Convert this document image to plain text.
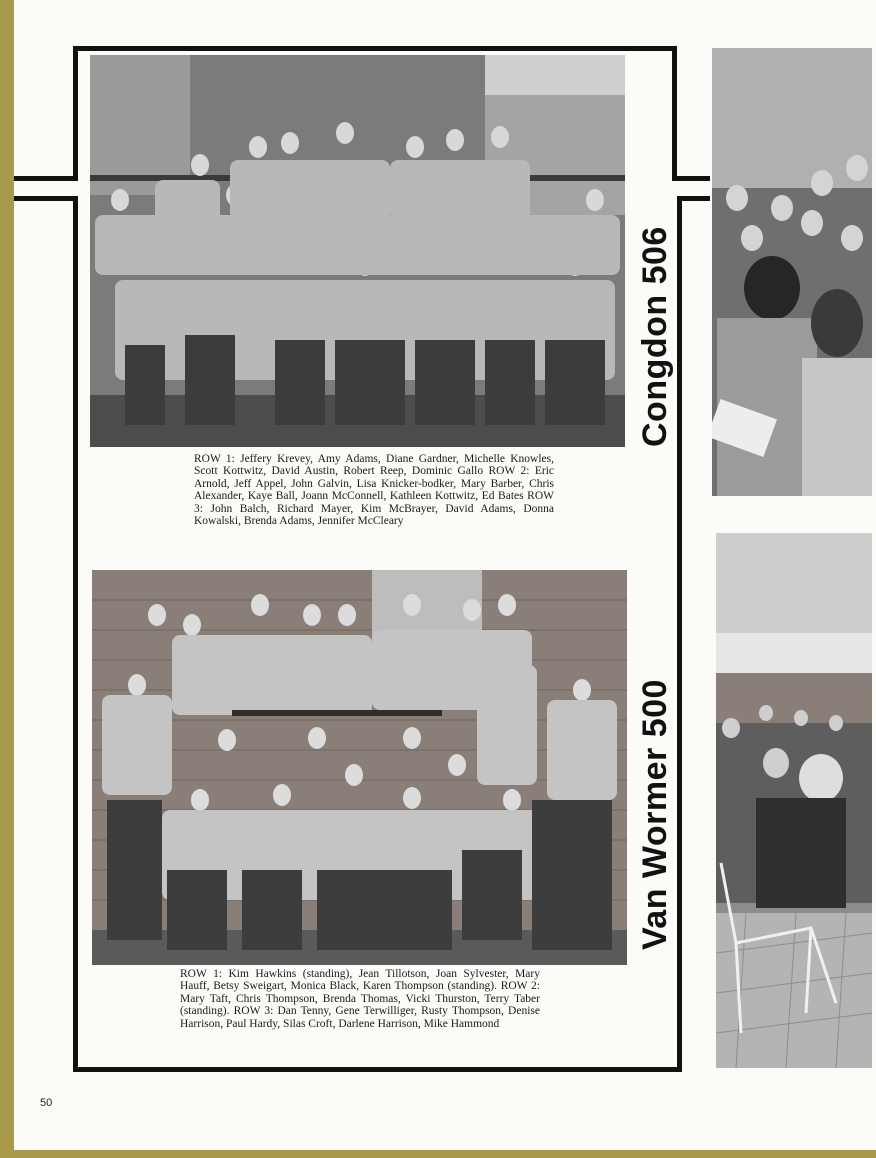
Congdon 506
ROW 1: Jeffery Krevey, Amy Adams, Diane Gardner, Michelle Knowles, Scott Kottwitz, David Austin, Robert Reep, Dominic Gallo ROW 2: Eric Arnold, Jeff Appel, John Galvin, Lisa Knicker-bodker, Mary Barber, Chris Alexander, Kaye Ball, Joann McConnell, Kathleen Kottwitz, Ed Bates ROW 3: John Balch, Richard Mayer, Kim McBrayer, David Adams, Donna Kowalski, Brenda Adams, Jennifer McCleary
Van Wormer 500
ROW 1: Kim Hawkins (standing), Jean Tillotson, Joan Sylvester, Mary Hauff, Betsy Sweigart, Monica Black, Karen Thompson (standing). ROW 2: Mary Taft, Chris Thompson, Brenda Thomas, Vicki Thurston, Terry Taber (standing). ROW 3: Dan Tenny, Gene Terwilliger, Rusty Thompson, Denise Harrison, Paul Hardy, Silas Croft, Darlene Harrison, Mike Hammond
50
